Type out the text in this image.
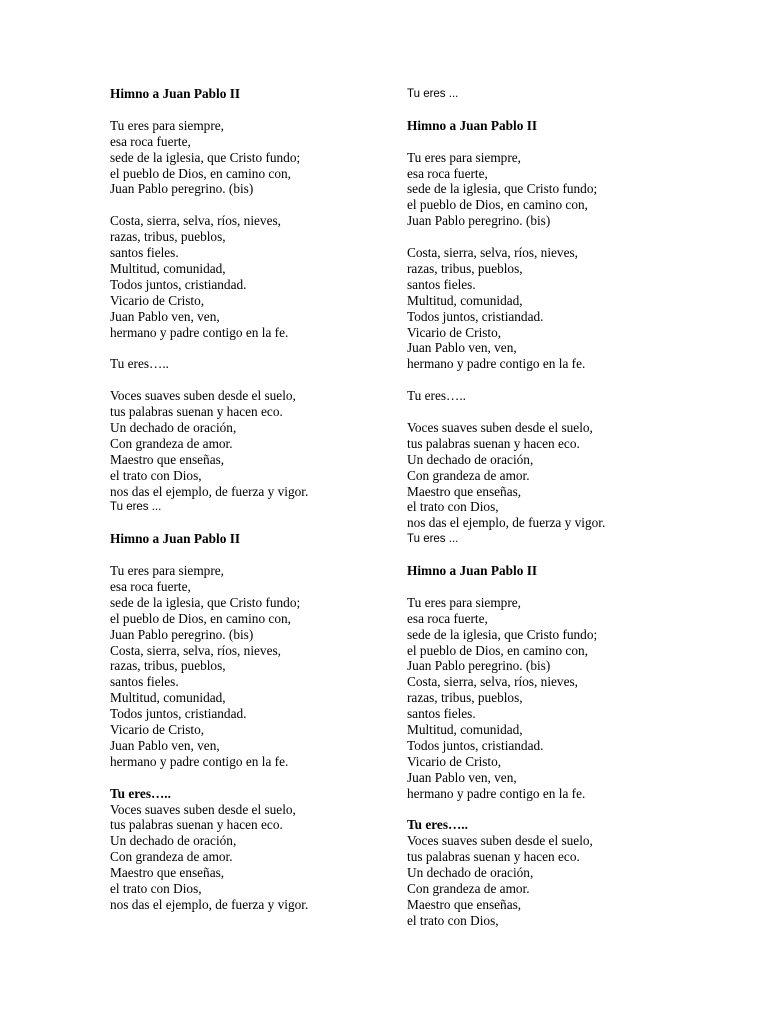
Himno a Juan Pablo II
Tu eres para siempre,
esa roca fuerte,
sede de la iglesia, que Cristo fundo;
el pueblo de Dios, en camino con,
Juan Pablo peregrino. (bis)
Costa, sierra, selva, ríos, nieves,
razas, tribus, pueblos,
santos fieles.
Multitud, comunidad,
Todos juntos, cristiandad.
Vicario de Cristo,
Juan Pablo ven, ven,
hermano y padre contigo en la fe.
Tu eres…..
Voces suaves suben desde el suelo,
tus palabras suenan y hacen eco.
Un dechado de oración,
Con grandeza de amor.
Maestro que enseñas,
el trato con Dios,
nos das el ejemplo, de fuerza y vigor.
Tu eres ...
Himno a Juan Pablo II
Tu eres para siempre,
esa roca fuerte,
sede de la iglesia, que Cristo fundo;
el pueblo de Dios, en camino con,
Juan Pablo peregrino. (bis)
Costa, sierra, selva, ríos, nieves,
razas, tribus, pueblos,
santos fieles.
Multitud, comunidad,
Todos juntos, cristiandad.
Vicario de Cristo,
Juan Pablo ven, ven,
hermano y padre contigo en la fe.
Tu eres…..
Voces suaves suben desde el suelo,
tus palabras suenan y hacen eco.
Un dechado de oración,
Con grandeza de amor.
Maestro que enseñas,
el trato con Dios,
nos das el ejemplo, de fuerza y vigor.
Tu eres ...
Himno a Juan Pablo II
Tu eres para siempre,
esa roca fuerte,
sede de la iglesia, que Cristo fundo;
el pueblo de Dios, en camino con,
Juan Pablo peregrino. (bis)
Costa, sierra, selva, ríos, nieves,
razas, tribus, pueblos,
santos fieles.
Multitud, comunidad,
Todos juntos, cristiandad.
Vicario de Cristo,
Juan Pablo ven, ven,
hermano y padre contigo en la fe.
Tu eres…..
Voces suaves suben desde el suelo,
tus palabras suenan y hacen eco.
Un dechado de oración,
Con grandeza de amor.
Maestro que enseñas,
el trato con Dios,
nos das el ejemplo, de fuerza y vigor.
Tu eres ...
Himno a Juan Pablo II
Tu eres para siempre,
esa roca fuerte,
sede de la iglesia, que Cristo fundo;
el pueblo de Dios, en camino con,
Juan Pablo peregrino. (bis)
Costa, sierra, selva, ríos, nieves,
razas, tribus, pueblos,
santos fieles.
Multitud, comunidad,
Todos juntos, cristiandad.
Vicario de Cristo,
Juan Pablo ven, ven,
hermano y padre contigo en la fe.
Tu eres…..
Voces suaves suben desde el suelo,
tus palabras suenan y hacen eco.
Un dechado de oración,
Con grandeza de amor.
Maestro que enseñas,
el trato con Dios,
